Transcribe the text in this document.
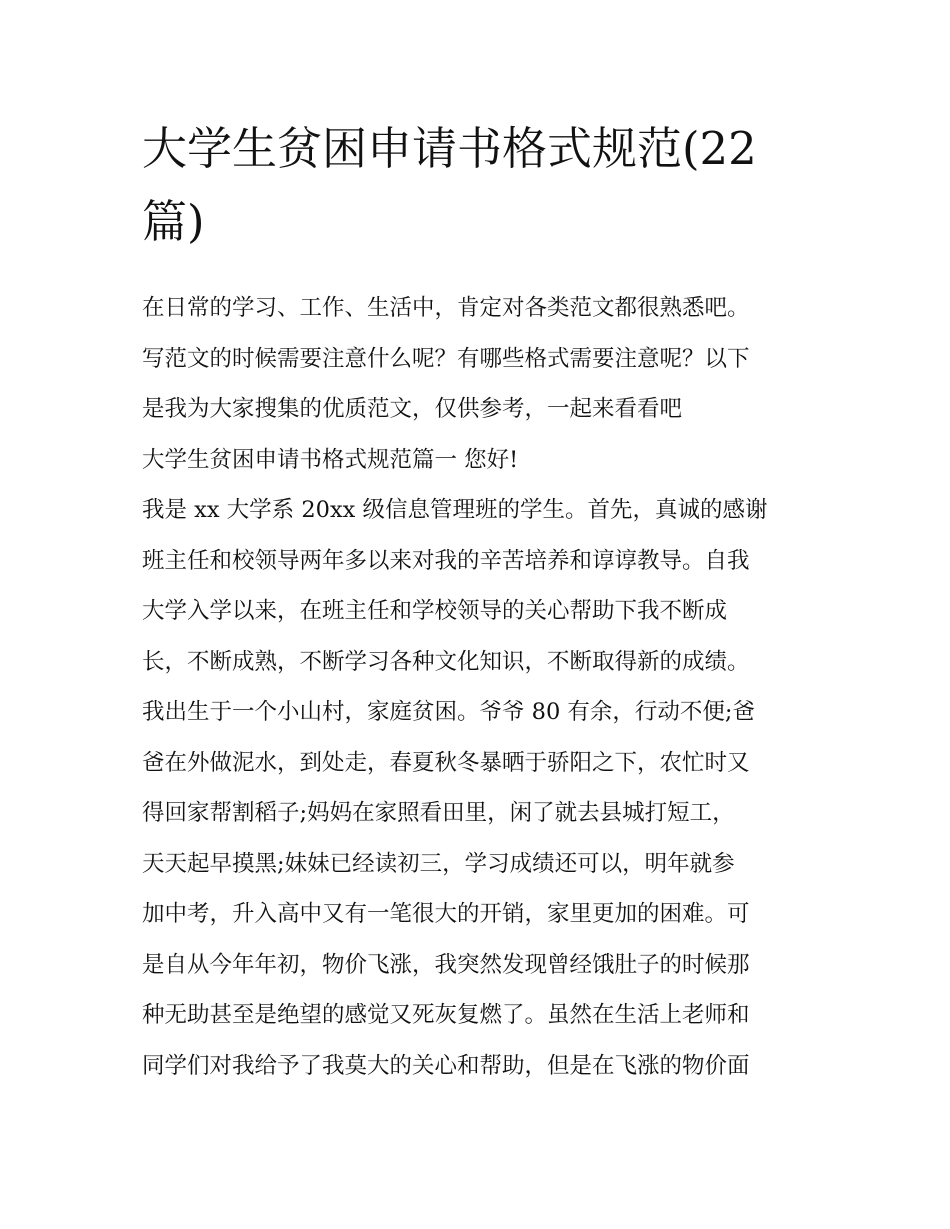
大学生贫困申请书格式规范(22
篇)
在日常的学习、工作、生活中，肯定对各类范文都很熟悉吧。
写范文的时候需要注意什么呢？有哪些格式需要注意呢？以下
是我为大家搜集的优质范文，仅供参考，一起来看看吧
大学生贫困申请书格式规范篇一 您好!
我是 xx 大学系 20xx 级信息管理班的学生。首先，真诚的感谢
班主任和校领导两年多以来对我的辛苦培养和谆谆教导。自我
大学入学以来，在班主任和学校领导的关心帮助下我不断成
长，不断成熟，不断学习各种文化知识，不断取得新的成绩。
我出生于一个小山村，家庭贫困。爷爷 80 有余，行动不便;爸
爸在外做泥水，到处走，春夏秋冬暴晒于骄阳之下，农忙时又
得回家帮割稻子;妈妈在家照看田里，闲了就去县城打短工，
天天起早摸黑;妹妹已经读初三，学习成绩还可以，明年就参
加中考，升入高中又有一笔很大的开销，家里更加的困难。可
是自从今年年初，物价飞涨，我突然发现曾经饿肚子的时候那
种无助甚至是绝望的感觉又死灰复燃了。虽然在生活上老师和
同学们对我给予了我莫大的关心和帮助，但是在飞涨的物价面
